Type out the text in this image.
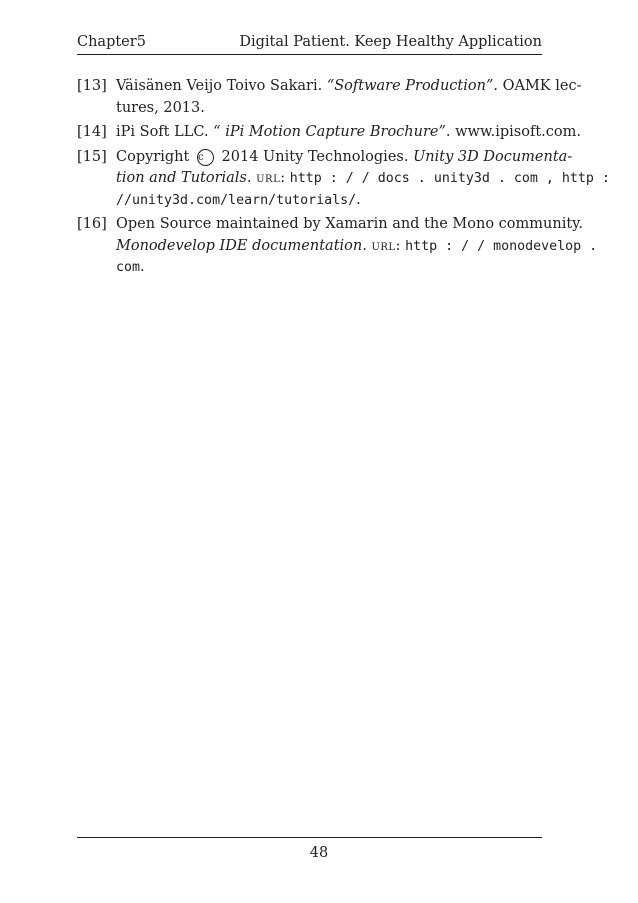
Chapter5	Digital Patient. Keep Healthy Application
[13] Väisänen Veijo Toivo Sakari. “Software Production”. OAMK lec-
tures, 2013.
[14] iPi Soft LLC. “ iPi Motion Capture Brochure”. www.ipisoft.com.
[15] Copyright c 2014 Unity Technologies. Unity 3D Documenta-
tion and Tutorials. url: http : / / docs . unity3d . com , http :
//unity3d.com/learn/tutorials/.
[16] Open Source maintained by Xamarin and the Mono community.
Monodevelop IDE documentation. url: http : / / monodevelop .
com.
48
